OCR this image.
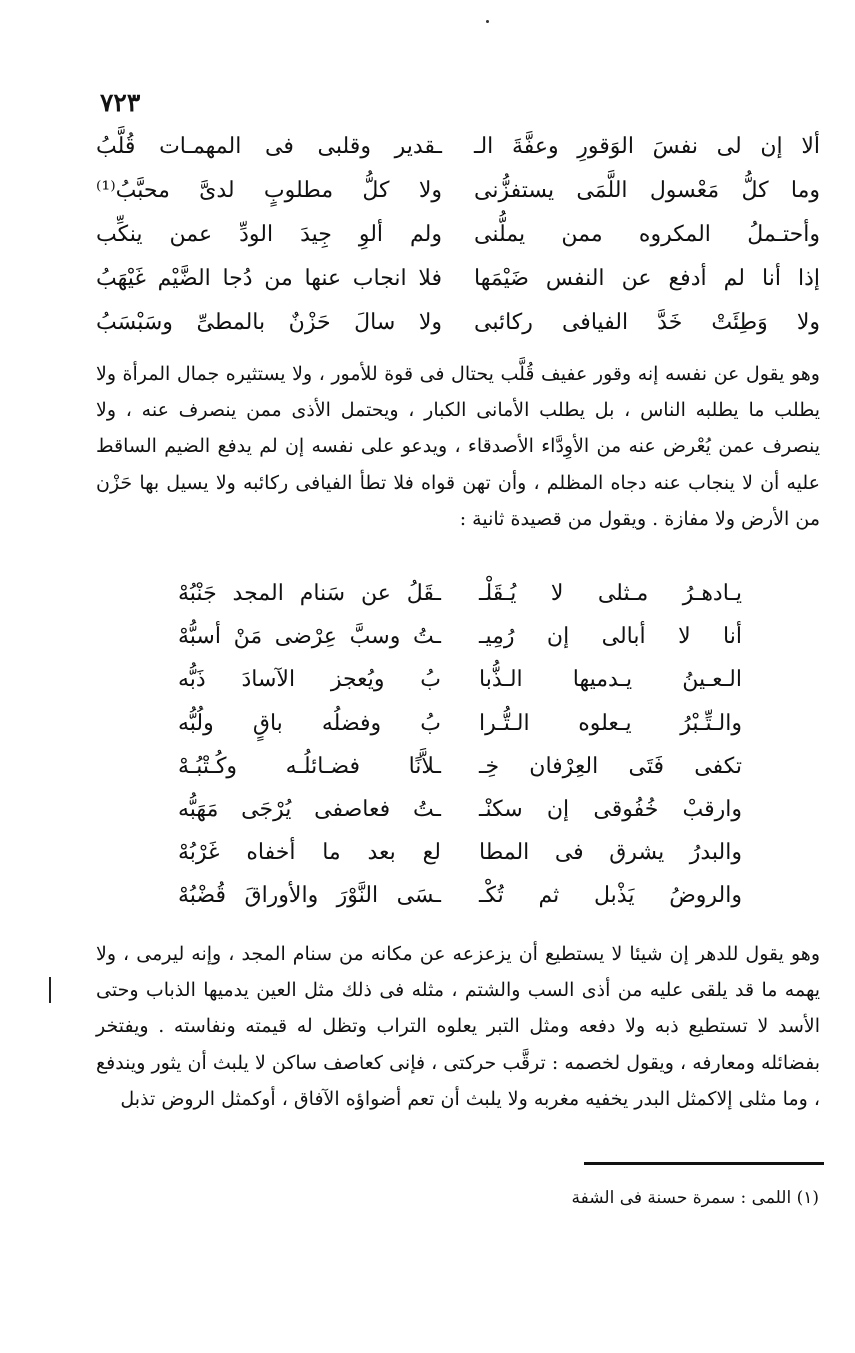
٧٢٣
ألا إن لى نفسَ الوَقورِ وعفَّةَ الـ
ـقدير وقلبى فى المهمـات قُلَّبُ
وما كلُّ مَعْسول اللَّمَى يستفزُّنى
ولا كلُّ مطلوبٍ لدىَّ محبَّبُ⁽¹⁾
وأحتـملُ المكروه ممن يملُّنى
ولم ألوِ جِيدَ الودِّ عمن ينكِّب
إذا أنا لم أدفع عن النفس ضَيْمَها
فلا انجاب عنها من دُجا الضَّيْم غَيْهَبُ
ولا وَطِئَتْ خَدَّ الفيافى ركائبى
ولا سالَ حَزْنٌ بالمطىِّ وسَبْسَبُ
وهو يقول عن نفسه إنه وقور عفيف قُلَّب يحتال فى قوة للأمور ، ولا يستثيره جمال المرأة ولا يطلب ما يطلبه الناس ، بل يطلب الأمانى الكبار ، ويحتمل الأذى ممن ينصرف عنه ، ولا ينصرف عمن يُعْرض عنه من الأوِدَّاء الأصدقاء ، ويدعو على نفسه إن لم يدفع الضيم الساقط عليه أن لا ينجاب عنه دجاه المظلم ، وأن تهن قواه فلا تطأ الفيافى ركائبه ولا يسيل بها حَزْن من الأرض ولا مفازة . ويقول من قصيدة ثانية :
يـادهـرُ مـثلى لا يُـقَلْـ
ـقَلُ عن سَنام المجد جَنْبُهْ
أنا لا أبالى إن رُمِيـ
ـتُ وسبَّ عِرْضى مَنْ أسبُّهْ
الـعـينُ يـدميها الـذُّبا
بُ ويُعجز الآسادَ ذَبُّه
والـتِّـبْرُ يـعلوه الـتُّـرا
بُ وفضلُه باقٍ ولُبُّه
تكفى فَتَى العِرْفان خِـ
ـلاَّنًا فضـائلُـه وكُـتْبُـهْ
وارقبْ خُفُوقى إن سكنْـ
ـتُ فعاصفى يُرْجَى مَهَبُّه
والبدرُ يشرق فى المطا
لع بعد ما أخفاه غَرْبُهْ
والروضُ يَذْبل ثم تُكْـ
ـسَى النَّوْرَ والأوراقَ قُضْبُهْ
وهو يقول للدهر إن شيئا لا يستطيع أن يزعزعه عن مكانه من سنام المجد ، وإنه ليرمى ، ولا يهمه ما قد يلقى عليه من أذى السب والشتم ، مثله فى ذلك مثل العين يدميها الذباب وحتى الأسد لا تستطيع ذبه ولا دفعه ومثل التبر يعلوه التراب وتظل له قيمته ونفاسته . ويفتخر بفضائله ومعارفه ، ويقول لخصمه : ترقَّب حركتى ، فإنى كعاصف ساكن لا يلبث أن يثور ويندفع ، وما مثلى إلاكمثل البدر يخفيه مغربه ولا يلبث أن تعم أضواؤه الآفاق ، أوكمثل الروض تذبل
(١) اللمى : سمرة حسنة فى الشفة
